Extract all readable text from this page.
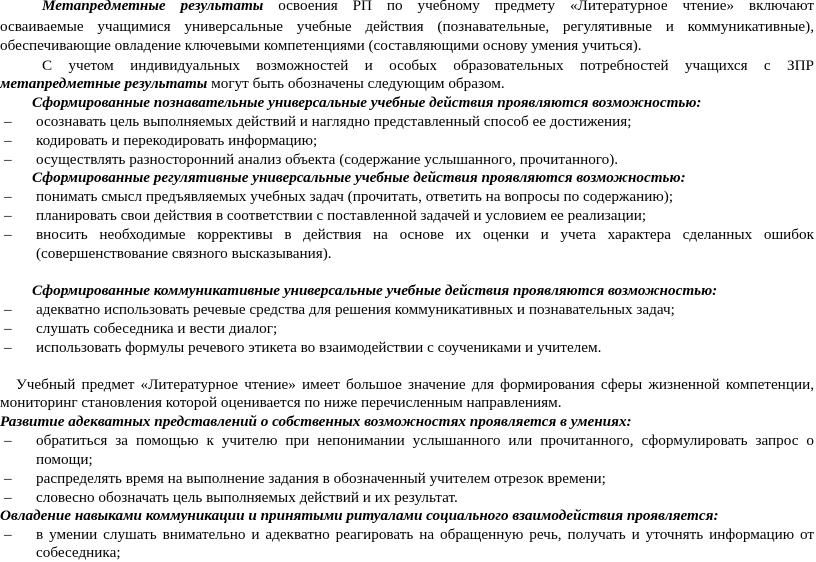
Метапредметные результаты освоения РП по учебному предмету «Литературное чтение» включают
осваиваемые учащимися универсальные учебные действия (познавательные, регулятивные и коммуникативные),
обеспечивающие овладение ключевыми компетенциями (составляющими основу умения учиться).
С учетом индивидуальных возможностей и особых образовательных потребностей учащихся с ЗПР
метапредметные результаты могут быть обозначены следующим образом.
Сформированные познавательные универсальные учебные действия проявляются возможностью:
– осознавать цель выполняемых действий и наглядно представленный способ ее достижения;
– кодировать и перекодировать информацию;
– осуществлять разносторонний анализ объекта (содержание услышанного, прочитанного).
Сформированные регулятивные универсальные учебные действия проявляются возможностью:
– понимать смысл предъявляемых учебных задач (прочитать, ответить на вопросы по содержанию);
– планировать свои действия в соответствии с поставленной задачей и условием ее реализации;
– вносить необходимые коррективы в действия на основе их оценки и учета характера сделанных ошибок
(совершенствование связного высказывания).
Сформированные коммуникативные универсальные учебные действия проявляются возможностью:
– адекватно использовать речевые средства для решения коммуникативных и познавательных задач;
– слушать собеседника и вести диалог;
– использовать формулы речевого этикета во взаимодействии с соучениками и учителем.
Учебный предмет «Литературное чтение» имеет большое значение для формирования сферы жизненной компетенции,
мониторинг становления которой оценивается по ниже перечисленным направлениям.
Развитие адекватных представлений о собственных возможностях проявляется в умениях:
– обратиться за помощью к учителю при непонимании услышанного или прочитанного, сформулировать запрос о
помощи;
– распределять время на выполнение задания в обозначенный учителем отрезок времени;
– словесно обозначать цель выполняемых действий и их результат.
Овладение навыками коммуникации и принятыми ритуалами социального взаимодействия проявляется:
– в умении слушать внимательно и адекватно реагировать на обращенную речь, получать и уточнять информацию от
собеседника;
